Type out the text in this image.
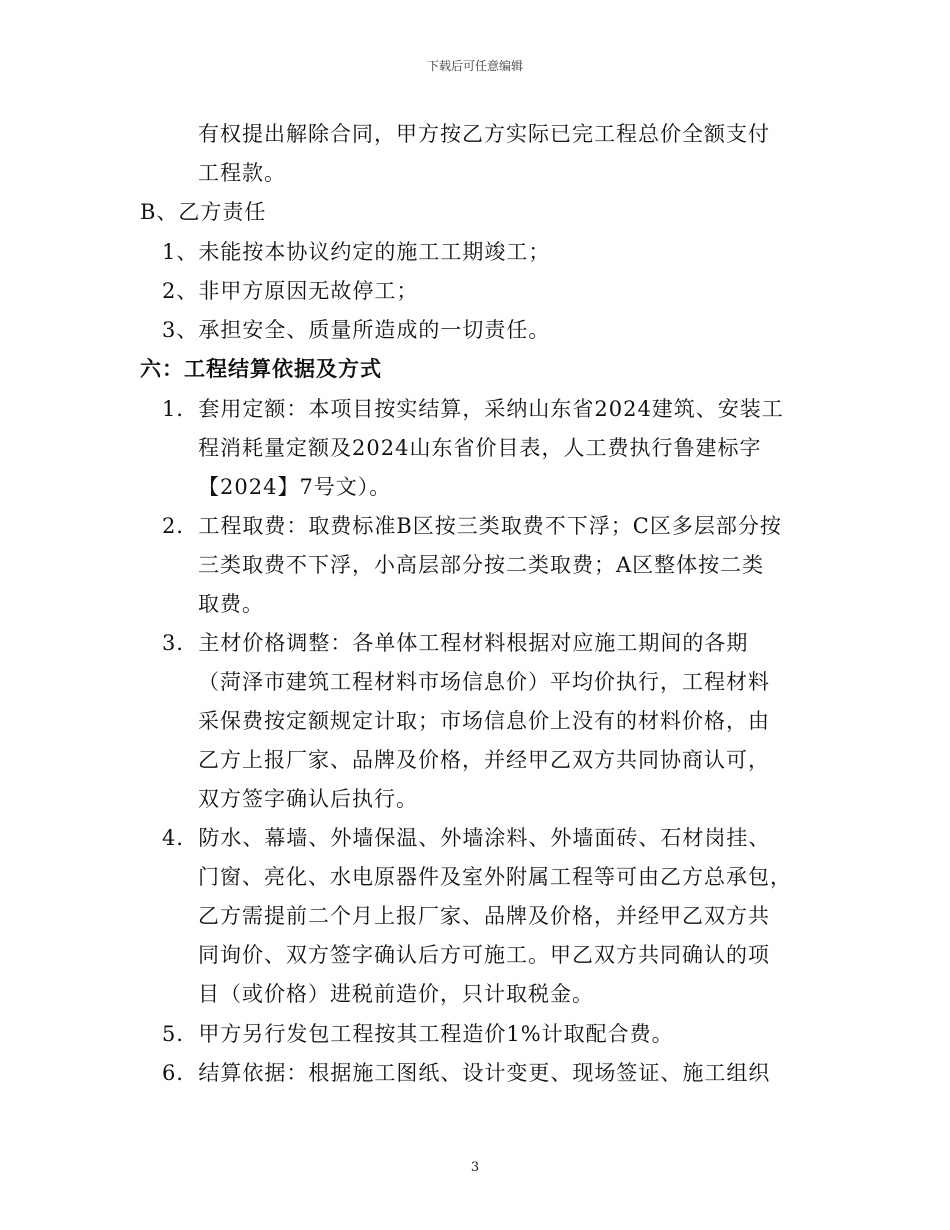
下载后可任意编辑
有权提出解除合同，甲方按乙方实际已完工程总价全额支付
工程款。
B、乙方责任
1、未能按本协议约定的施工工期竣工；
2、非甲方原因无故停工；
3、承担安全、质量所造成的一切责任。
六：工程结算依据及方式
1．套用定额：本项目按实结算，采纳山东省2024建筑、安装工
程消耗量定额及2024山东省价目表，人工费执行鲁建标字
【2024】7号文）。
2．工程取费：取费标准B区按三类取费不下浮；C区多层部分按
三类取费不下浮，小高层部分按二类取费；A区整体按二类
取费。
3．主材价格调整：各单体工程材料根据对应施工期间的各期
（菏泽市建筑工程材料市场信息价）平均价执行，工程材料
采保费按定额规定计取；市场信息价上没有的材料价格，由
乙方上报厂家、品牌及价格，并经甲乙双方共同协商认可，
双方签字确认后执行。
4．防水、幕墙、外墙保温、外墙涂料、外墙面砖、石材岗挂、
门窗、亮化、水电原器件及室外附属工程等可由乙方总承包，
乙方需提前二个月上报厂家、品牌及价格，并经甲乙双方共
同询价、双方签字确认后方可施工。甲乙双方共同确认的项
目（或价格）进税前造价，只计取税金。
5．甲方另行发包工程按其工程造价1%计取配合费。
6．结算依据：根据施工图纸、设计变更、现场签证、施工组织
3
